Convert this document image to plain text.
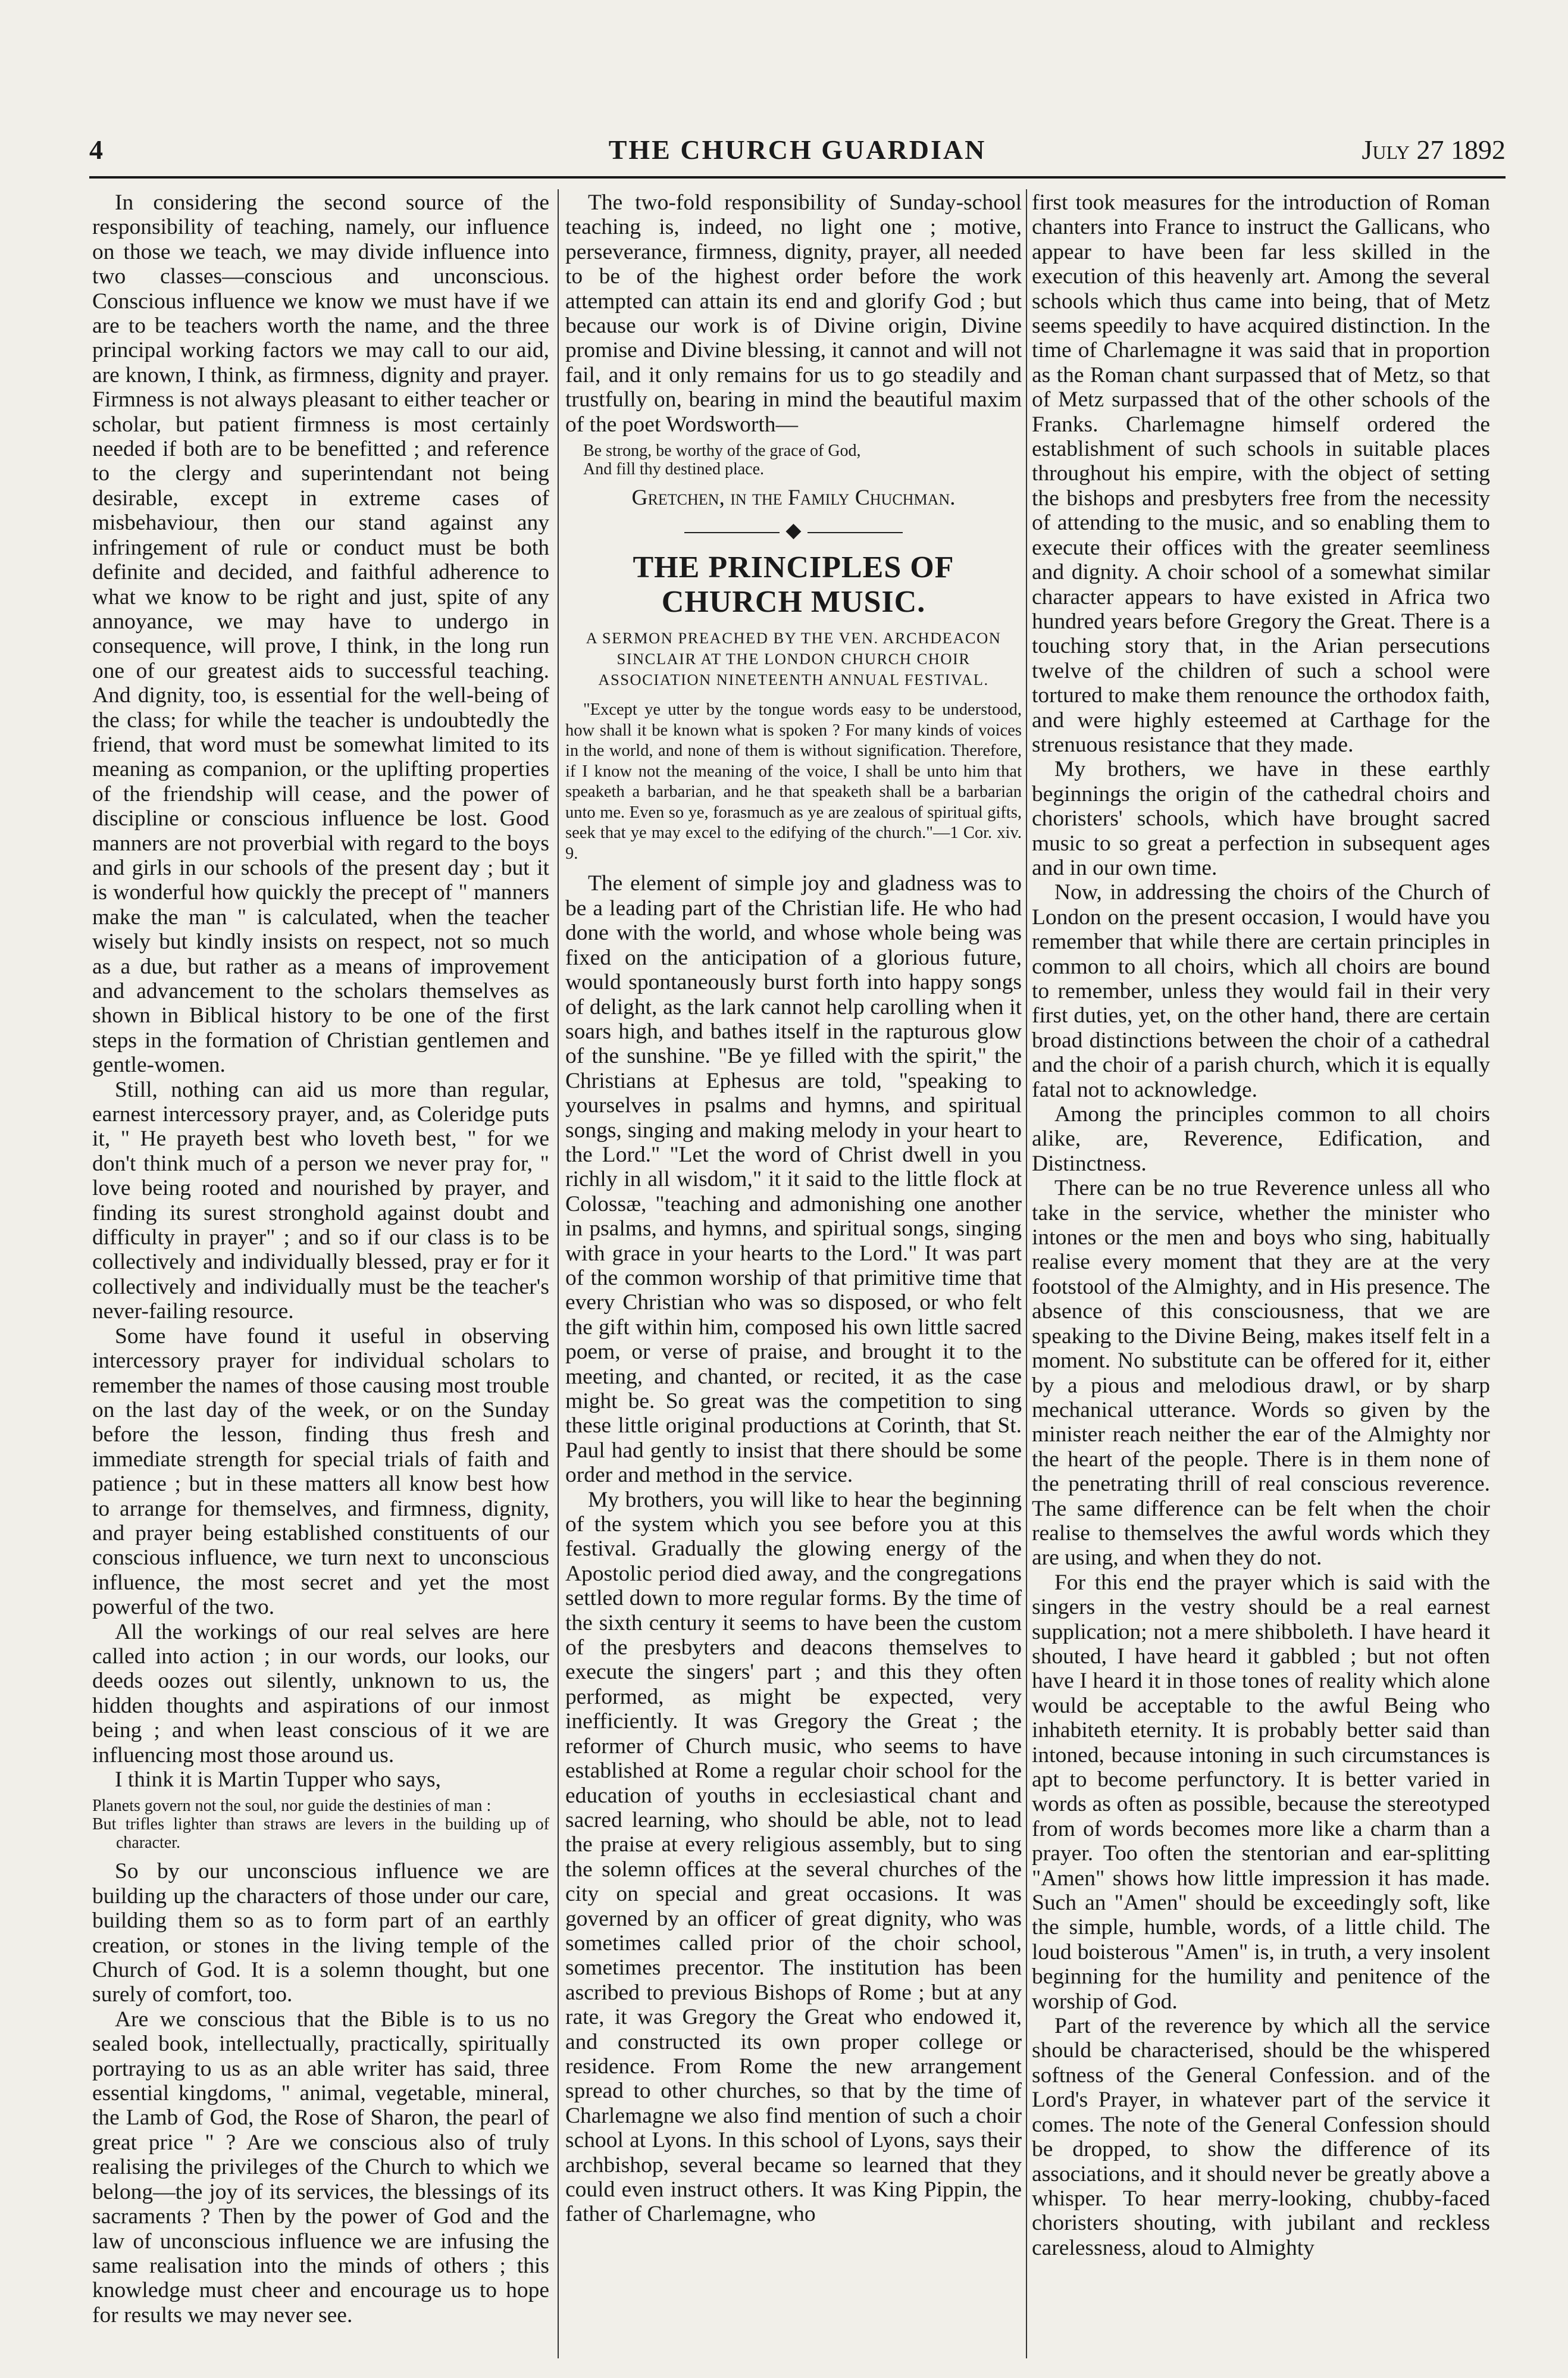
4	THE CHURCH GUARDIAN	July 27 1892

In considering the second source of the responsibility of teaching, namely, our influence on those we teach, we may divide influence into two classes—conscious and unconscious. Conscious influence we know we must have if we are to be teachers worth the name, and the three principal working factors we may call to our aid, are known, I think, as firmness, dignity and prayer. Firmness is not always pleasant to either teacher or scholar, but patient firmness is most certainly needed if both are to be benefitted ; and reference to the clergy and superintendant not being desirable, except in extreme cases of misbehaviour, then our stand against any infringement of rule or conduct must be both definite and decided, and faithful adherence to what we know to be right and just, spite of any annoyance, we may have to undergo in consequence, will prove, I think, in the long run one of our greatest aids to successful teaching. And dignity, too, is essential for the well-being of the class; for while the teacher is undoubtedly the friend, that word must be somewhat limited to its meaning as companion, or the uplifting properties of the friendship will cease, and the power of discipline or conscious influence be lost. Good manners are not proverbial with regard to the boys and girls in our schools of the present day ; but it is wonderful how quickly the precept of " manners make the man " is calculated, when the teacher wisely but kindly insists on respect, not so much as a due, but rather as a means of improvement and advancement to the scholars themselves as shown in Biblical history to be one of the first steps in the formation of Christian gentlemen and gentle-women.

Still, nothing can aid us more than regular, earnest intercessory prayer, and, as Coleridge puts it, " He prayeth best who loveth best, " for we don't think much of a person we never pray for, " love being rooted and nourished by prayer, and finding its surest stronghold against doubt and difficulty in prayer" ; and so if our class is to be collectively and individually blessed, pray er for it collectively and individually must be the teacher's never-failing resource.

Some have found it useful in observing intercessory prayer for individual scholars to remember the names of those causing most trouble on the last day of the week, or on the Sunday before the lesson, finding thus fresh and immediate strength for special trials of faith and patience ; but in these matters all know best how to arrange for themselves, and firmness, dignity, and prayer being established constituents of our conscious influence, we turn next to unconscious influence, the most secret and yet the most powerful of the two.

All the workings of our real selves are here called into action ; in our words, our looks, our deeds oozes out silently, unknown to us, the hidden thoughts and aspirations of our inmost being ; and when least conscious of it we are influencing most those around us.

I think it is Martin Tupper who says,

Planets govern not the soul, nor guide the destinies of man :
But trifles lighter than straws are levers in the building up of character.

So by our unconscious influence we are building up the characters of those under our care, building them so as to form part of an earthly creation, or stones in the living temple of the Church of God. It is a solemn thought, but one surely of comfort, too.

Are we conscious that the Bible is to us no sealed book, intellectually, practically, spiritually portraying to us as an able writer has said, three essential kingdoms, " animal, vegetable, mineral, the Lamb of God, the Rose of Sharon, the pearl of great price " ? Are we conscious also of truly realising the privileges of the Church to which we belong—the joy of its services, the blessings of its sacraments ? Then by the power of God and the law of unconscious influence we are infusing the same realisation into the minds of others ; this knowledge must cheer and encourage us to hope for results we may never see.

The two-fold responsibility of Sunday-school teaching is, indeed, no light one ; motive, perseverance, firmness, dignity, prayer, all needed to be of the highest order before the work attempted can attain its end and glorify God ; but because our work is of Divine origin, Divine promise and Divine blessing, it cannot and will not fail, and it only remains for us to go steadily and trustfully on, bearing in mind the beautiful maxim of the poet Wordsworth—

Be strong, be worthy of the grace of God,
And fill thy destined place.

Gretchen, in the Family Chuchman.

◆
THE PRINCIPLES OF CHURCH MUSIC.

A SERMON PREACHED BY THE VEN. ARCHDEACON SINCLAIR AT THE LONDON CHURCH CHOIR ASSOCIATION NINETEENTH ANNUAL FESTIVAL.

"Except ye utter by the tongue words easy to be understood, how shall it be known what is spoken ? For many kinds of voices in the world, and none of them is without signification. Therefore, if I know not the meaning of the voice, I shall be unto him that speaketh a barbarian, and he that speaketh shall be a barbarian unto me. Even so ye, forasmuch as ye are zealous of spiritual gifts, seek that ye may excel to the edifying of the church."—1 Cor. xiv. 9.

The element of simple joy and gladness was to be a leading part of the Christian life. He who had done with the world, and whose whole being was fixed on the anticipation of a glorious future, would spontaneously burst forth into happy songs of delight, as the lark cannot help carolling when it soars high, and bathes itself in the rapturous glow of the sunshine. "Be ye filled with the spirit," the Christians at Ephesus are told, "speaking to yourselves in psalms and hymns, and spiritual songs, singing and making melody in your heart to the Lord." "Let the word of Christ dwell in you richly in all wisdom," it it said to the little flock at Colossæ, "teaching and admonishing one another in psalms, and hymns, and spiritual songs, singing with grace in your hearts to the Lord." It was part of the common worship of that primitive time that every Christian who was so disposed, or who felt the gift within him, composed his own little sacred poem, or verse of praise, and brought it to the meeting, and chanted, or recited, it as the case might be. So great was the competition to sing these little original productions at Corinth, that St. Paul had gently to insist that there should be some order and method in the service.

My brothers, you will like to hear the beginning of the system which you see before you at this festival. Gradually the glowing energy of the Apostolic period died away, and the congregations settled down to more regular forms. By the time of the sixth century it seems to have been the custom of the presbyters and deacons themselves to execute the singers' part ; and this they often performed, as might be expected, very inefficiently. It was Gregory the Great ; the reformer of Church music, who seems to have established at Rome a regular choir school for the education of youths in ecclesiastical chant and sacred learning, who should be able, not to lead the praise at every religious assembly, but to sing the solemn offices at the several churches of the city on special and great occasions. It was governed by an officer of great dignity, who was sometimes called prior of the choir school, sometimes precentor. The institution has been ascribed to previous Bishops of Rome ; but at any rate, it was Gregory the Great who endowed it, and constructed its own proper college or residence. From Rome the new arrangement spread to other churches, so that by the time of Charlemagne we also find mention of such a choir school at Lyons. In this school of Lyons, says their archbishop, several became so learned that they could even instruct others. It was King Pippin, the father of Charlemagne, who

first took measures for the introduction of Roman chanters into France to instruct the Gallicans, who appear to have been far less skilled in the execution of this heavenly art. Among the several schools which thus came into being, that of Metz seems speedily to have acquired distinction. In the time of Charlemagne it was said that in proportion as the Roman chant surpassed that of Metz, so that of Metz surpassed that of the other schools of the Franks. Charlemagne himself ordered the establishment of such schools in suitable places throughout his empire, with the object of setting the bishops and presbyters free from the necessity of attending to the music, and so enabling them to execute their offices with the greater seemliness and dignity. A choir school of a somewhat similar character appears to have existed in Africa two hundred years before Gregory the Great. There is a touching story that, in the Arian persecutions twelve of the children of such a school were tortured to make them renounce the orthodox faith, and were highly esteemed at Carthage for the strenuous resistance that they made.

My brothers, we have in these earthly beginnings the origin of the cathedral choirs and choristers' schools, which have brought sacred music to so great a perfection in subsequent ages and in our own time.

Now, in addressing the choirs of the Church of London on the present occasion, I would have you remember that while there are certain principles in common to all choirs, which all choirs are bound to remember, unless they would fail in their very first duties, yet, on the other hand, there are certain broad distinctions between the choir of a cathedral and the choir of a parish church, which it is equally fatal not to acknowledge.

Among the principles common to all choirs alike, are, Reverence, Edification, and Distinctness.

There can be no true Reverence unless all who take in the service, whether the minister who intones or the men and boys who sing, habitually realise every moment that they are at the very footstool of the Almighty, and in His presence. The absence of this consciousness, that we are speaking to the Divine Being, makes itself felt in a moment. No substitute can be offered for it, either by a pious and melodious drawl, or by sharp mechanical utterance. Words so given by the minister reach neither the ear of the Almighty nor the heart of the people. There is in them none of the penetrating thrill of real conscious reverence. The same difference can be felt when the choir realise to themselves the awful words which they are using, and when they do not.

For this end the prayer which is said with the singers in the vestry should be a real earnest supplication; not a mere shibboleth. I have heard it shouted, I have heard it gabbled ; but not often have I heard it in those tones of reality which alone would be acceptable to the awful Being who inhabiteth eternity. It is probably better said than intoned, because intoning in such circumstances is apt to become perfunctory. It is better varied in words as often as possible, because the stereotyped from of words becomes more like a charm than a prayer. Too often the stentorian and ear-splitting "Amen" shows how little impression it has made. Such an "Amen" should be exceedingly soft, like the simple, humble, words, of a little child. The loud boisterous "Amen" is, in truth, a very insolent beginning for the humility and penitence of the worship of God.

Part of the reverence by which all the service should be characterised, should be the whispered softness of the General Confession. and of the Lord's Prayer, in whatever part of the service it comes. The note of the General Confession should be dropped, to show the difference of its associations, and it should never be greatly above a whisper. To hear merry-looking, chubby-faced choristers shouting, with jubilant and reckless carelessness, aloud to Almighty
